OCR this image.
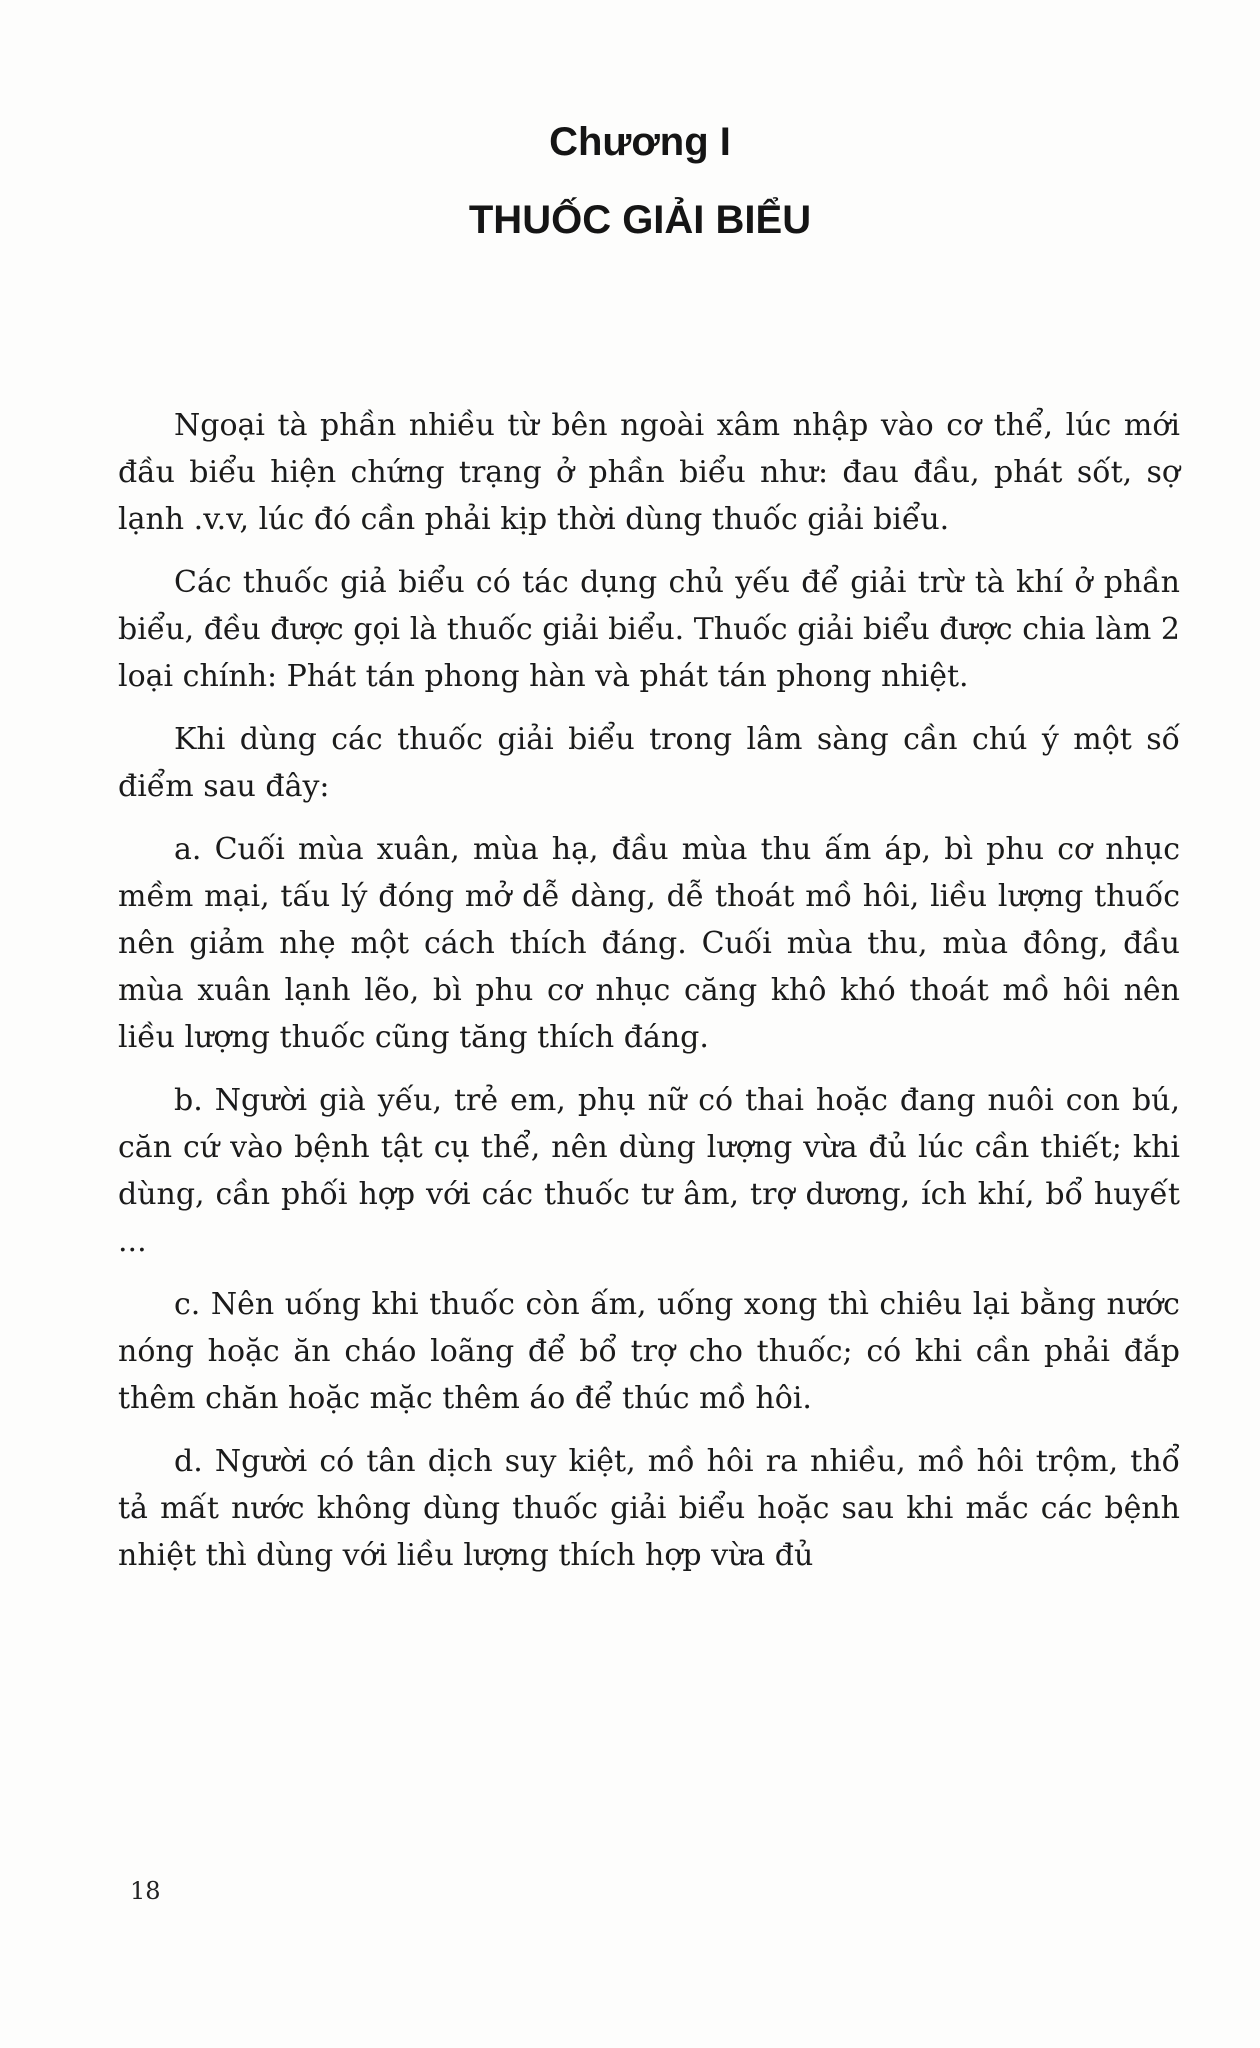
Chương I
THUỐC GIẢI BIỂU

Ngoại tà phần nhiều từ bên ngoài xâm nhập vào cơ thể, lúc mới đầu biểu hiện chứng trạng ở phần biểu như: đau đầu, phát sốt, sợ lạnh .v.v, lúc đó cần phải kịp thời dùng thuốc giải biểu.

Các thuốc giả biểu có tác dụng chủ yếu để giải trừ tà khí ở phần biểu, đều được gọi là thuốc giải biểu. Thuốc giải biểu được chia làm 2 loại chính: Phát tán phong hàn và phát tán phong nhiệt.

Khi dùng các thuốc giải biểu trong lâm sàng cần chú ý một số điểm sau đây:

a. Cuối mùa xuân, mùa hạ, đầu mùa thu ấm áp, bì phu cơ nhục mềm mại, tấu lý đóng mở dễ dàng, dễ thoát mồ hôi, liều lượng thuốc nên giảm nhẹ một cách thích đáng. Cuối mùa thu, mùa đông, đầu mùa xuân lạnh lẽo, bì phu cơ nhục căng khô khó thoát mồ hôi nên liều lượng thuốc cũng tăng thích đáng.

b. Người già yếu, trẻ em, phụ nữ có thai hoặc đang nuôi con bú, căn cứ vào bệnh tật cụ thể, nên dùng lượng vừa đủ lúc cần thiết; khi dùng, cần phối hợp với các thuốc tư âm, trợ dương, ích khí, bổ huyết ...

c. Nên uống khi thuốc còn ấm, uống xong thì chiêu lại bằng nước nóng hoặc ăn cháo loãng để bổ trợ cho thuốc; có khi cần phải đắp thêm chăn hoặc mặc thêm áo để thúc mồ hôi.

d. Người có tân dịch suy kiệt, mồ hôi ra nhiều, mồ hôi trộm, thổ tả mất nước không dùng thuốc giải biểu hoặc sau khi mắc các bệnh nhiệt thì dùng với liều lượng thích hợp vừa đủ

18
